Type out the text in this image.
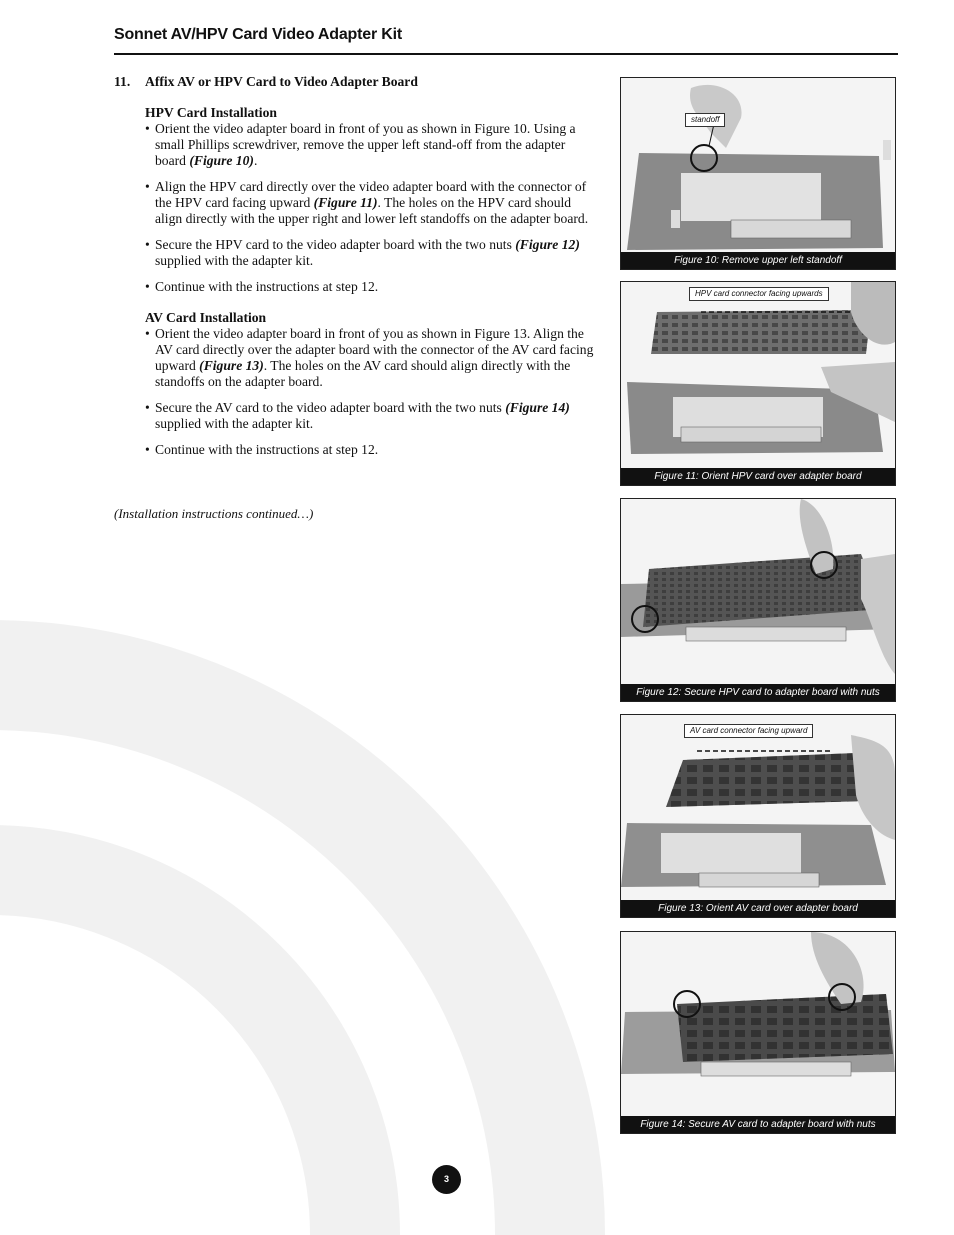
Sonnet AV/HPV Card Video Adapter Kit
11.	Affix AV or HPV Card to Video Adapter Board
HPV Card Installation
• Orient the video adapter board in front of you as shown in Figure 10. Using a small Phillips screwdriver, remove the upper left stand-off from the adapter board (Figure 10).
• Align the HPV card directly over the video adapter board with the connector of the HPV card facing upward (Figure 11). The holes on the HPV card should align directly with the upper right and lower left standoffs on the adapter board.
• Secure the HPV card to the video adapter board with the two nuts (Figure 12) supplied with the adapter kit.
• Continue with the instructions at step 12.
AV Card Installation
• Orient the video adapter board in front of you as shown in Figure 13. Align the AV card directly over the adapter board with the connector of the AV card facing upward (Figure 13). The holes on the AV card should align directly with the standoffs on the adapter board.
• Secure the AV card to the video adapter board with the two nuts (Figure 14) supplied with the adapter kit.
• Continue with the instructions at step 12.
(Installation instructions continued…)
standoff
Figure 10: Remove upper left standoff
HPV card connector facing upwards
Figure 11: Orient HPV card over adapter board
Figure 12: Secure HPV card to adapter board with nuts
AV card connector facing upward
Figure 13: Orient AV card over adapter board
Figure 14: Secure AV card to adapter board with nuts
3
